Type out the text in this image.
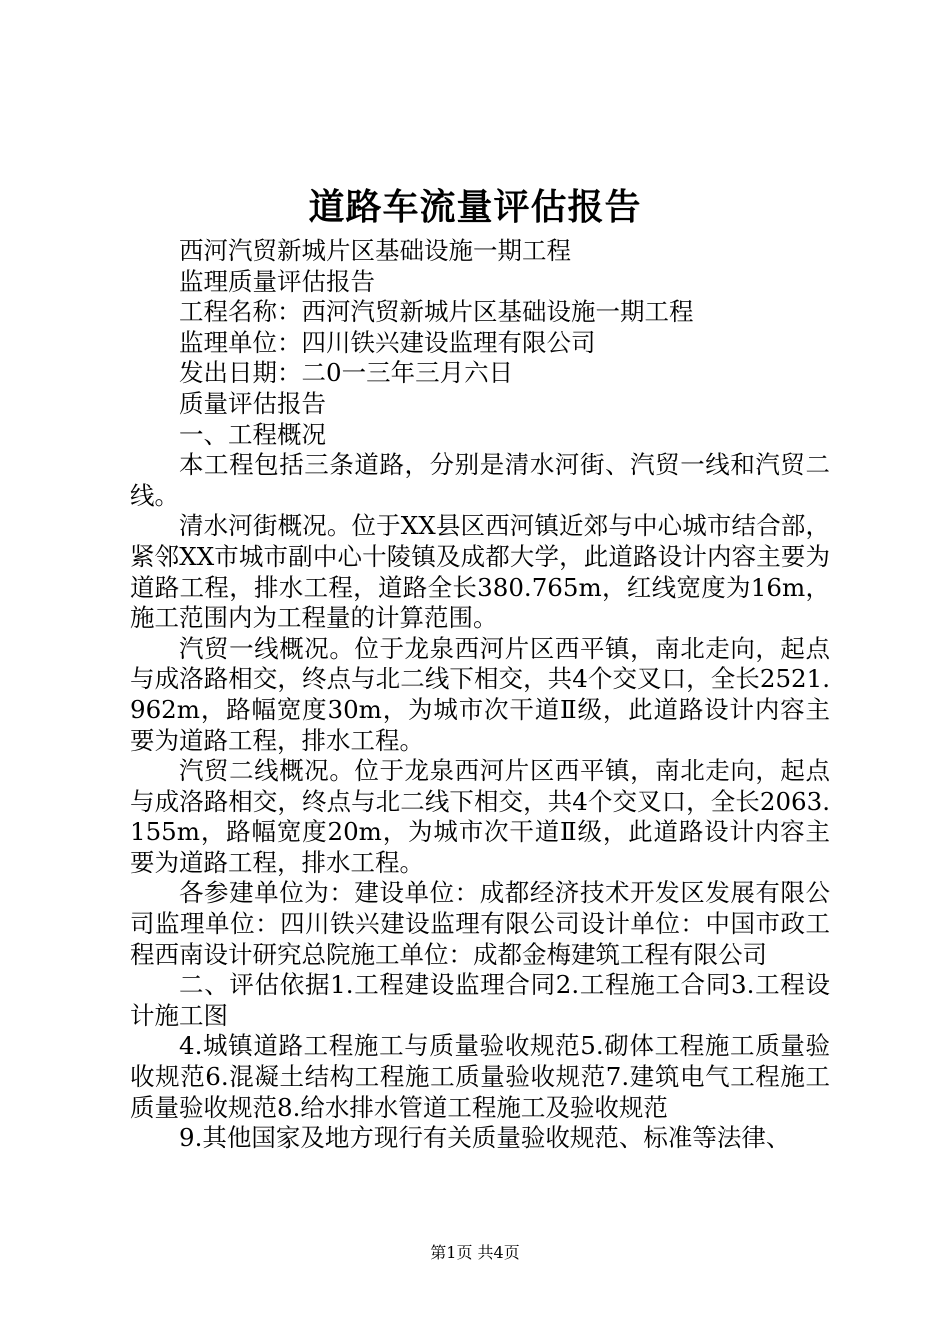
道路车流量评估报告

西河汽贸新城片区基础设施一期工程

监理质量评估报告

工程名称：西河汽贸新城片区基础设施一期工程

监理单位：四川铁兴建设监理有限公司

发出日期：二0一三年三月六日

质量评估报告

一、工程概况

本工程包括三条道路，分别是清水河街、汽贸一线和汽贸二线。

清水河街概况。位于XX县区西河镇近郊与中心城市结合部，紧邻XX市城市副中心十陵镇及成都大学，此道路设计内容主要为道路工程，排水工程，道路全长380.765m，红线宽度为16m，施工范围内为工程量的计算范围。

汽贸一线概况。位于龙泉西河片区西平镇，南北走向，起点与成洛路相交，终点与北二线下相交，共4个交叉口，全长2521.962m，路幅宽度30m，为城市次干道Ⅱ级，此道路设计内容主要为道路工程，排水工程。

汽贸二线概况。位于龙泉西河片区西平镇，南北走向，起点与成洛路相交，终点与北二线下相交，共4个交叉口，全长2063.155m，路幅宽度20m，为城市次干道Ⅱ级，此道路设计内容主要为道路工程，排水工程。

各参建单位为：建设单位：成都经济技术开发区发展有限公司监理单位：四川铁兴建设监理有限公司设计单位：中国市政工程西南设计研究总院施工单位：成都金梅建筑工程有限公司

二、评估依据1.工程建设监理合同2.工程施工合同3.工程设计施工图

4.城镇道路工程施工与质量验收规范5.砌体工程施工质量验收规范6.混凝土结构工程施工质量验收规范7.建筑电气工程施工质量验收规范8.给水排水管道工程施工及验收规范

9.其他国家及地方现行有关质量验收规范、标准等法律、

第1页 共4页
